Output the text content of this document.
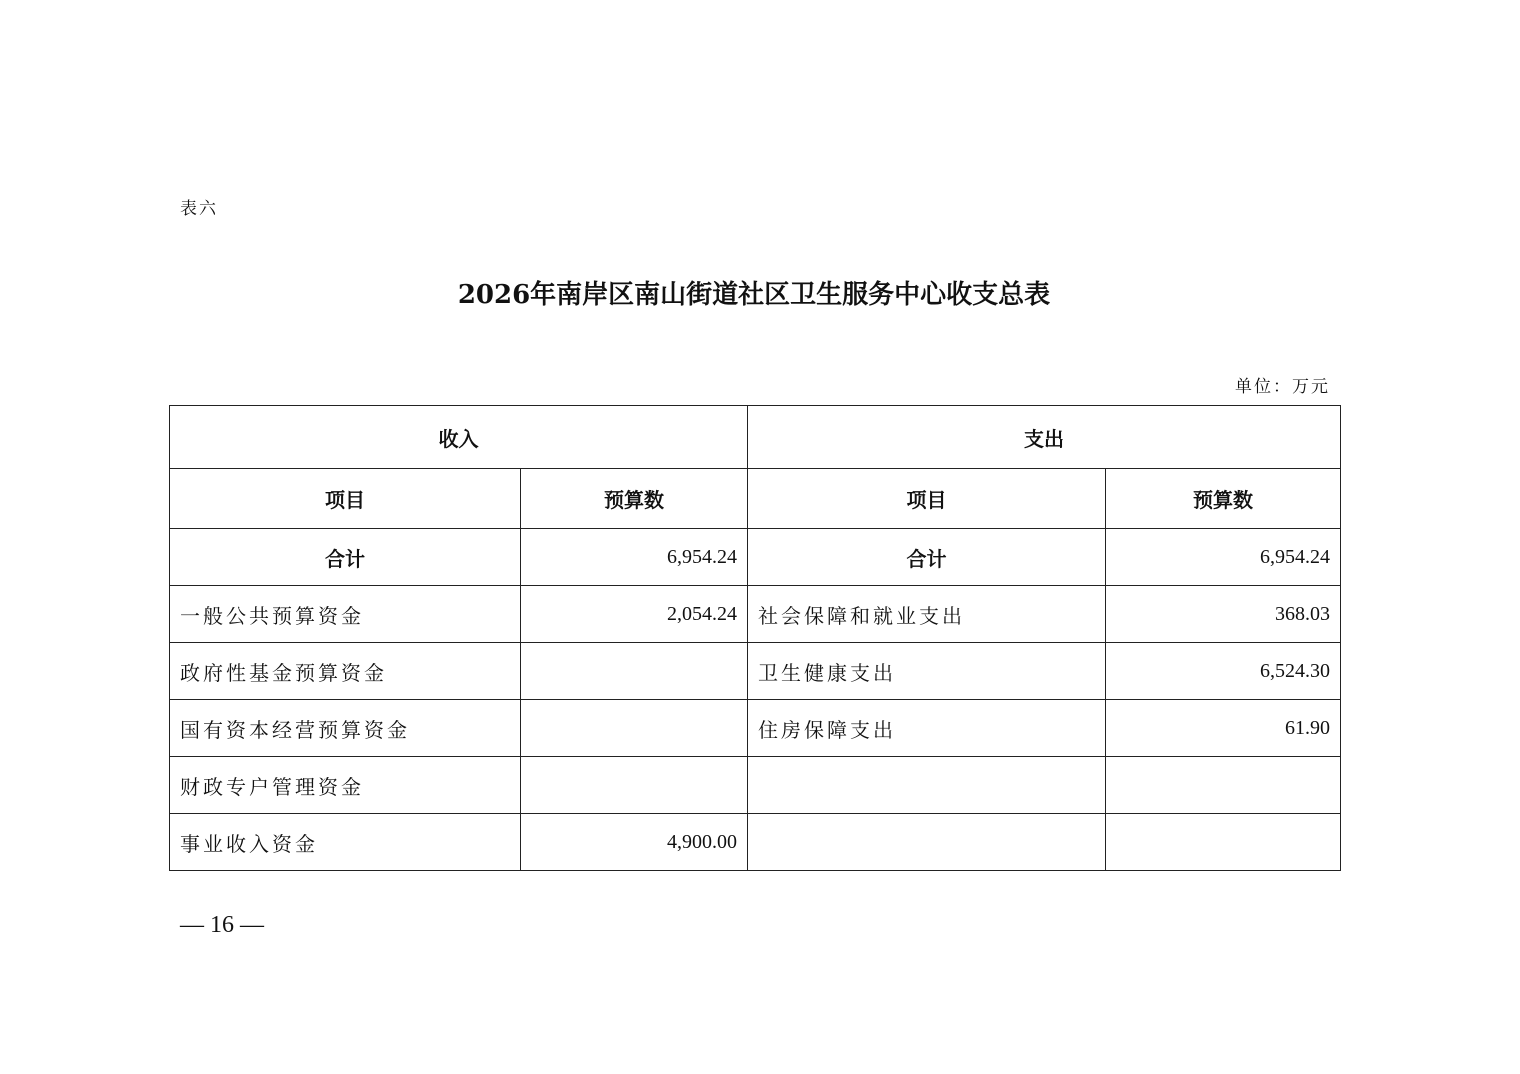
表六
2026年南岸区南山街道社区卫生服务中心收支总表
单位：万元
收入		支出	
项目	预算数	项目	预算数
合计	6,954.24	合计	6,954.24
一般公共预算资金	2,054.24	社会保障和就业支出	368.03
政府性基金预算资金		卫生健康支出	6,524.30
国有资本经营预算资金		住房保障支出	61.90
财政专户管理资金			
事业收入资金	4,900.00		
— 16 —
